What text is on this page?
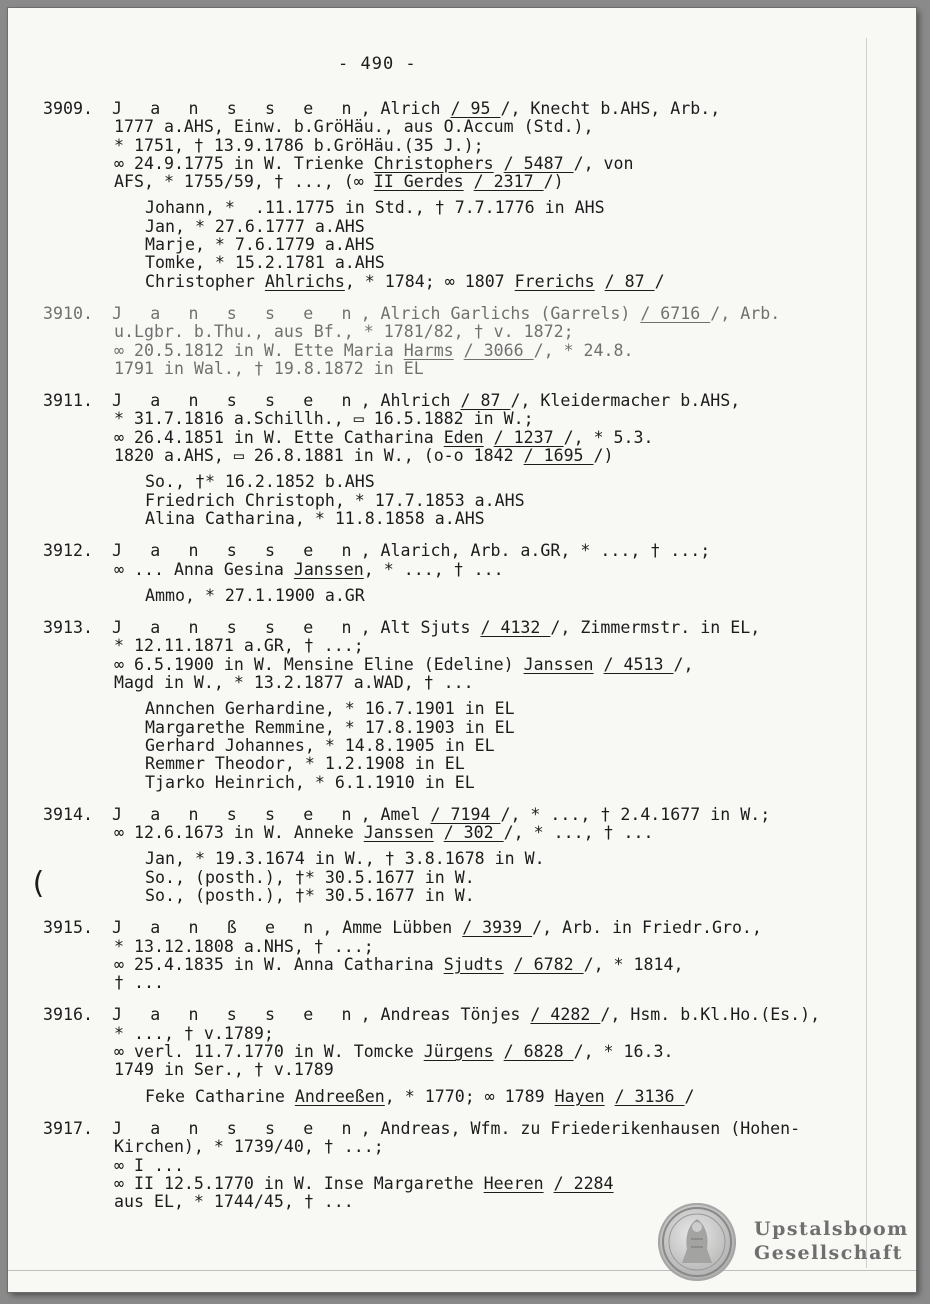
- 490 -
3909. J a n s s e n, Alrich / 95 /, Knecht b.AHS, Arb.,
1777 a.AHS, Einw. b.GröHäu., aus O.Accum (Std.),
* 1751, † 13.9.1786 b.GröHäu.(35 J.);
∞ 24.9.1775 in W. Trienke Christophers / 5487 /, von
AFS, * 1755/59, † ..., (∞ II Gerdes / 2317 /)
Johann, *  .11.1775 in Std., † 7.7.1776 in AHS
Jan, * 27.6.1777 a.AHS
Marje, * 7.6.1779 a.AHS
Tomke, * 15.2.1781 a.AHS
Christopher Ahlrichs, * 1784; ∞ 1807 Frerichs / 87 /
3910. J a n s s e n, Alrich Garlichs (Garrels) / 6716 /, Arb.
u.Lgbr. b.Thu., aus Bf., * 1781/82, † v. 1872;
∞ 20.5.1812 in W. Ette Maria Harms / 3066 /, * 24.8.
1791 in Wal., † 19.8.1872 in EL
3911. J a n s s e n, Ahlrich / 87 /, Kleidermacher b.AHS,
* 31.7.1816 a.Schillh., ▭ 16.5.1882 in W.;
∞ 26.4.1851 in W. Ette Catharina Eden / 1237 /, * 5.3.
1820 a.AHS, ▭ 26.8.1881 in W., (o-o 1842 / 1695 /)
So., †* 16.2.1852 b.AHS
Friedrich Christoph, * 17.7.1853 a.AHS
Alina Catharina, * 11.8.1858 a.AHS
3912. J a n s s e n, Alarich, Arb. a.GR, * ..., † ...;
∞ ... Anna Gesina Janssen, * ..., † ...
Ammo, * 27.1.1900 a.GR
3913. J a n s s e n, Alt Sjuts / 4132 /, Zimmermstr. in EL,
* 12.11.1871 a.GR, † ...;
∞ 6.5.1900 in W. Mensine Eline (Edeline) Janssen / 4513 /,
Magd in W., * 13.2.1877 a.WAD, † ...
Annchen Gerhardine, * 16.7.1901 in EL
Margarethe Remmine, * 17.8.1903 in EL
Gerhard Johannes, * 14.8.1905 in EL
Remmer Theodor, * 1.2.1908 in EL
Tjarko Heinrich, * 6.1.1910 in EL
3914. J a n s s e n, Amel / 7194 /, * ..., † 2.4.1677 in W.;
∞ 12.6.1673 in W. Anneke Janssen / 302 /, * ..., † ...
Jan, * 19.3.1674 in W., † 3.8.1678 in W.
So., (posth.), †* 30.5.1677 in W.
So., (posth.), †* 30.5.1677 in W.
(
3915. J a n ß e n, Amme Lübben / 3939 /, Arb. in Friedr.Gro.,
* 13.12.1808 a.NHS, † ...;
∞ 25.4.1835 in W. Anna Catharina Sjudts / 6782 /, * 1814,
† ...
3916. J a n s s e n, Andreas Tönjes / 4282 /, Hsm. b.Kl.Ho.(Es.),
* ..., † v.1789;
∞ verl. 11.7.1770 in W. Tomcke Jürgens / 6828 /, * 16.3.
1749 in Ser., † v.1789
Feke Catharine Andreeßen, * 1770; ∞ 1789 Hayen / 3136 /
3917. J a n s s e n, Andreas, Wfm. zu Friederikenhausen (Hohen-
Kirchen), * 1739/40, † ...;
∞ I ...
∞ II 12.5.1770 in W. Inse Margarethe Heeren / 2284
aus EL, * 1744/45, † ...
Upstalsboom
Gesellschaft
